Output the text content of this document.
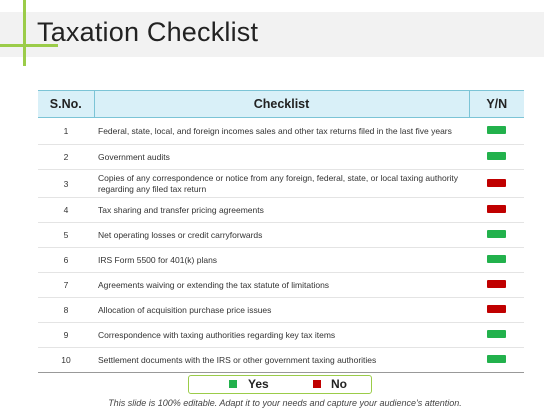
Taxation Checklist
S.No.	Checklist	Y/N
1	Federal, state, local, and foreign incomes sales and other tax returns filed in the last five years	
2	Government audits	
3	Copies of any correspondence or notice from any foreign, federal, state, or local taxing authority regarding any filed tax return	
4	Tax sharing and transfer pricing agreements	
5	Net operating losses or credit carryforwards	
6	IRS Form 5500 for 401(k) plans	
7	Agreements waiving or extending the tax statute of limitations	
8	Allocation of acquisition purchase price issues	
9	Correspondence with taxing authorities regarding key tax items	
10	Settlement documents with the IRS or other government taxing authorities	
Yes	No
This slide is 100% editable. Adapt it to your needs and capture your audience's attention.
